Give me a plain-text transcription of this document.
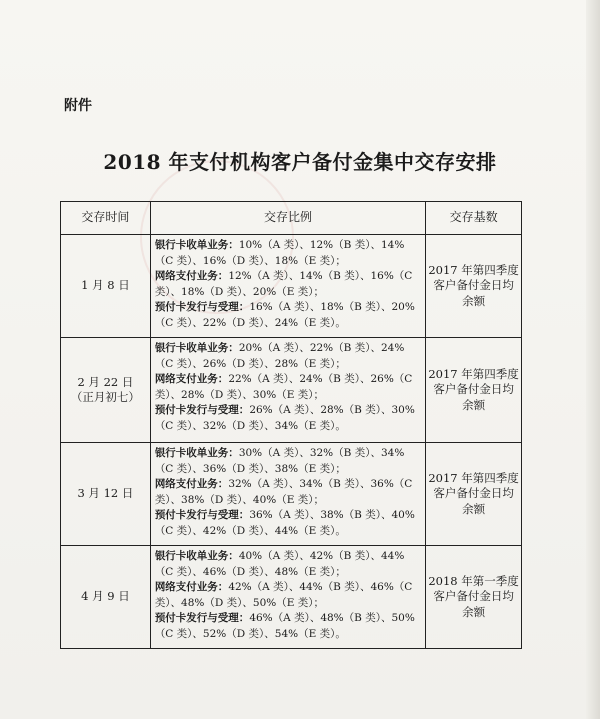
附件
2018 年支付机构客户备付金集中交存安排
交存时间	交存比例	交存基数

1 月 8 日	银行卡收单业务：10%（A 类）、12%（B 类）、14%（C 类）、16%（D 类）、18%（E 类）；
网络支付业务：12%（A 类）、14%（B 类）、16%（C 类）、18%（D 类）、20%（E 类）；
预付卡发行与受理：16%（A 类）、18%（B 类）、20%（C 类）、22%（D 类）、24%（E 类）。	2017 年第四季度
客户备付金日均
余额

2 月 22 日
（正月初七）	银行卡收单业务：20%（A 类）、22%（B 类）、24%（C 类）、26%（D 类）、28%（E 类）；
网络支付业务：22%（A 类）、24%（B 类）、26%（C 类）、28%（D 类）、30%（E 类）；
预付卡发行与受理：26%（A 类）、28%（B 类）、30%（C 类）、32%（D 类）、34%（E 类）。	2017 年第四季度
客户备付金日均
余额

3 月 12 日	银行卡收单业务：30%（A 类）、32%（B 类）、34%（C 类）、36%（D 类）、38%（E 类）；
网络支付业务：32%（A 类）、34%（B 类）、36%（C 类）、38%（D 类）、40%（E 类）；
预付卡发行与受理：36%（A 类）、38%（B 类）、40%（C 类）、42%（D 类）、44%（E 类）。	2017 年第四季度
客户备付金日均
余额

4 月 9 日	银行卡收单业务：40%（A 类）、42%（B 类）、44%（C 类）、46%（D 类）、48%（E 类）；
网络支付业务：42%（A 类）、44%（B 类）、46%（C 类）、48%（D 类）、50%（E 类）；
预付卡发行与受理：46%（A 类）、48%（B 类）、50%（C 类）、52%（D 类）、54%（E 类）。	2018 年第一季度
客户备付金日均
余额
